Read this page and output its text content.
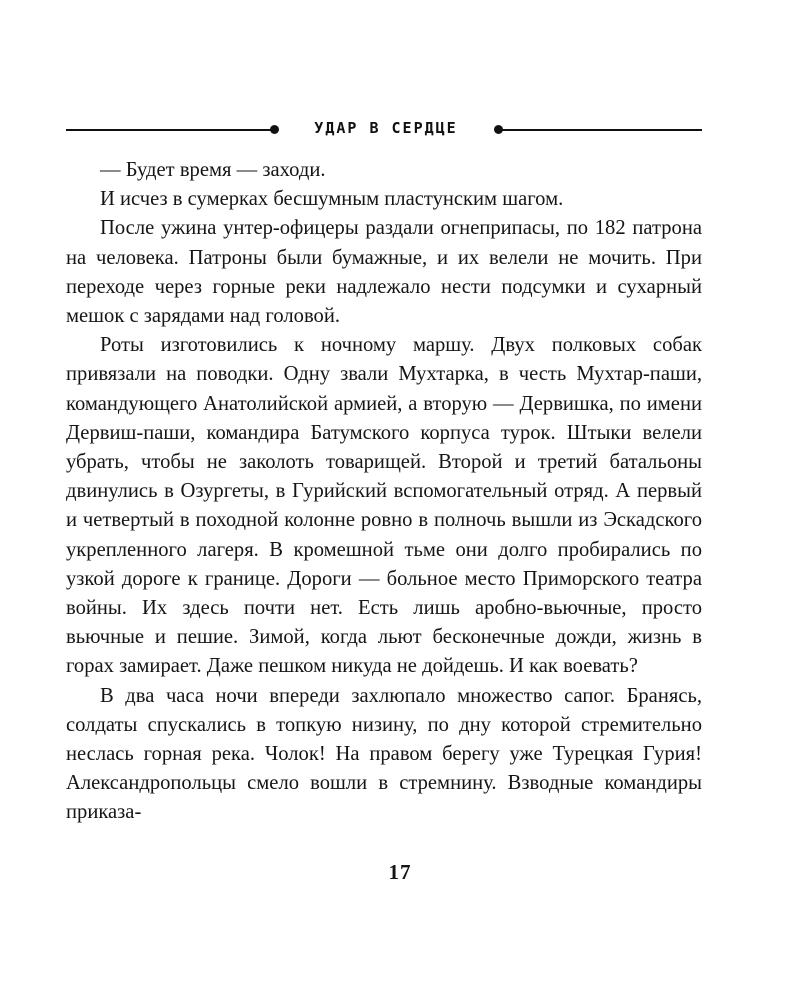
УДАР В СЕРДЦЕ

— Будет время — заходи.

И исчез в сумерках бесшумным пластунским шагом.

После ужина унтер-офицеры раздали огнеприпасы, по 182 патрона на человека. Патроны были бумажные, и их велели не мочить. При переходе через горные реки надлежало нести подсумки и сухарный мешок с зарядами над головой.

Роты изготовились к ночному маршу. Двух полковых собак привязали на поводки. Одну звали Мухтарка, в честь Мухтар-паши, командующего Анатолийской армией, а вторую — Дервишка, по имени Дервиш-паши, командира Батумского корпуса турок. Штыки велели убрать, чтобы не заколоть товарищей. Второй и третий батальоны двинулись в Озургеты, в Гурийский вспомогательный отряд. А первый и четвертый в походной колонне ровно в полночь вышли из Эскадского укрепленного лагеря. В кромешной тьме они долго пробирались по узкой дороге к границе. Дороги — больное место Приморского театра войны. Их здесь почти нет. Есть лишь аробно-вьючные, просто вьючные и пешие. Зимой, когда льют бесконечные дожди, жизнь в горах замирает. Даже пешком никуда не дойдешь. И как воевать?

В два часа ночи впереди захлюпало множество сапог. Бранясь, солдаты спускались в топкую низину, по дну которой стремительно неслась горная река. Чолок! На правом берегу уже Турецкая Гурия! Александропольцы смело вошли в стремнину. Взводные командиры приказа-

17
